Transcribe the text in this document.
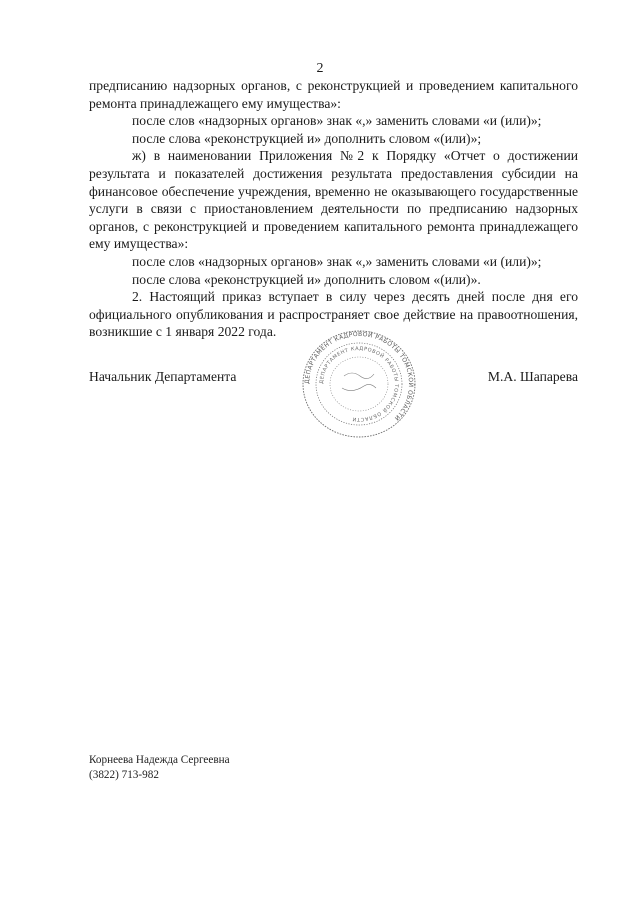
2

предписанию надзорных органов, с реконструкцией и проведением капитального ремонта принадлежащего ему имущества»:

после слов «надзорных органов» знак «,» заменить словами «и (или)»;

после слова «реконструкцией и» дополнить словом «(или)»;

ж) в наименовании Приложения №2 к Порядку «Отчет о достижении результата и показателей достижения результата предоставления субсидии на финансовое обеспечение учреждения, временно не оказывающего государственные услуги в связи с приостановлением деятельности по предписанию надзорных органов, с реконструкцией и проведением капитального ремонта принадлежащего ему имущества»:

после слов «надзорных органов» знак «,» заменить словами «и (или)»;

после слова «реконструкцией и» дополнить словом «(или)».

2. Настоящий приказ вступает в силу через десять дней после дня его официального опубликования и распространяет свое действие на правоотношения, возникшие с 1 января 2022 года.

ДЕПАРТАМЕНТ КАДРОВОЙ РАБОТЫ ТОМСКОЙ ОБЛАСТИ
ДЕПАРТАМЕНТ КАДРОВОЙ РАБОТЫ ТОМСКОЙ ОБЛАСТИ
Начальник Департамента	М.А. Шапарева
Корнеева Надежда Сергеевна
(3822) 713-982
